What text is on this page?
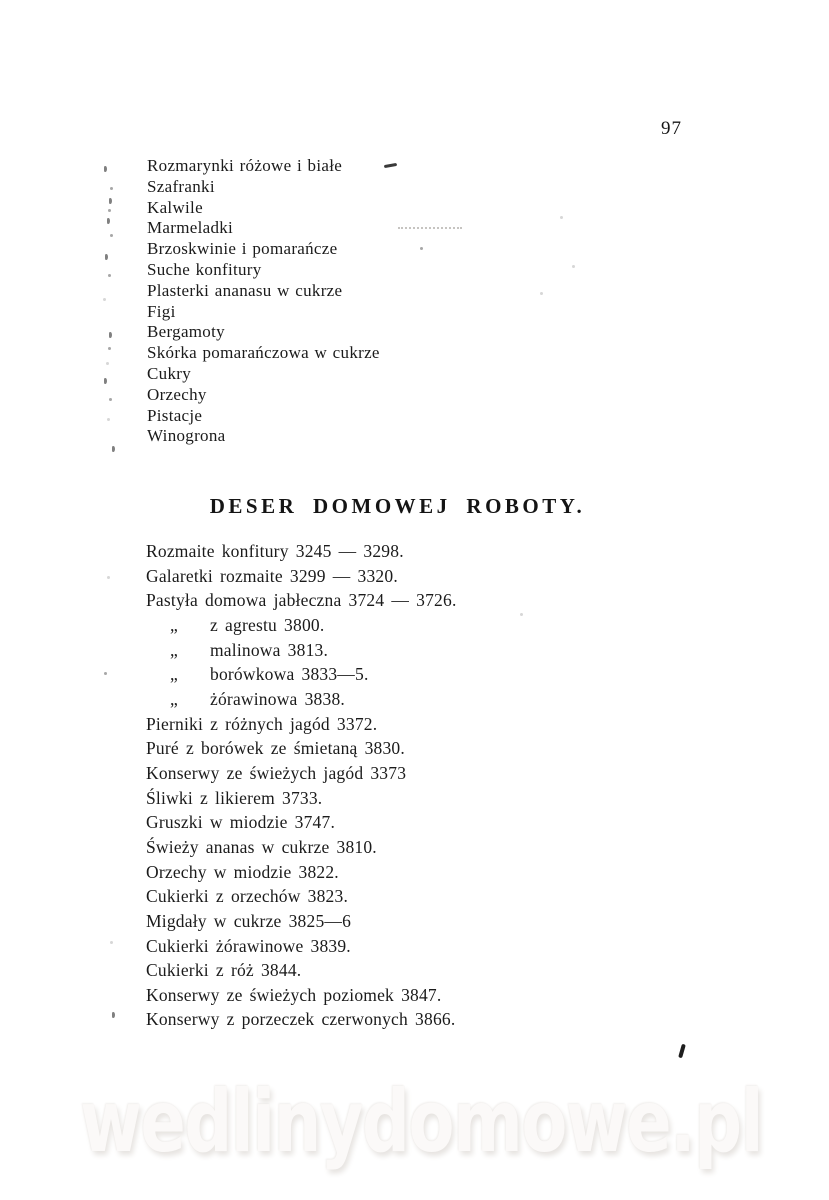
97
Rozmarynki różowe i białe
Szafranki
Kalwile
Marmeladki
Brzoskwinie i pomarańcze
Suche konfitury
Plasterki ananasu w cukrze
Figi
Bergamoty
Skórka pomarańczowa w cukrze
Cukry
Orzechy
Pistacje
Winogrona
DESER DOMOWEJ ROBOTY.
Rozmaite konfitury 3245 — 3298.
Galaretki rozmaite 3299 — 3320.
Pastyła domowa jabłeczna 3724 — 3726.
„	z agrestu 3800.
„	malinowa 3813.
„	borówkowa 3833—5.
„	żórawinowa 3838.
Pierniki z różnych jagód 3372.
Puré z borówek ze śmietaną 3830.
Konserwy ze świeżych jagód 3373
Śliwki z likierem 3733.
Gruszki w miodzie 3747.
Świeży ananas w cukrze 3810.
Orzechy w miodzie 3822.
Cukierki z orzechów 3823.
Migdały w cukrze 3825—6
Cukierki żórawinowe 3839.
Cukierki z róż 3844.
Konserwy ze świeżych poziomek 3847.
Konserwy z porzeczek czerwonych 3866.
wedlinydomowe.pl
